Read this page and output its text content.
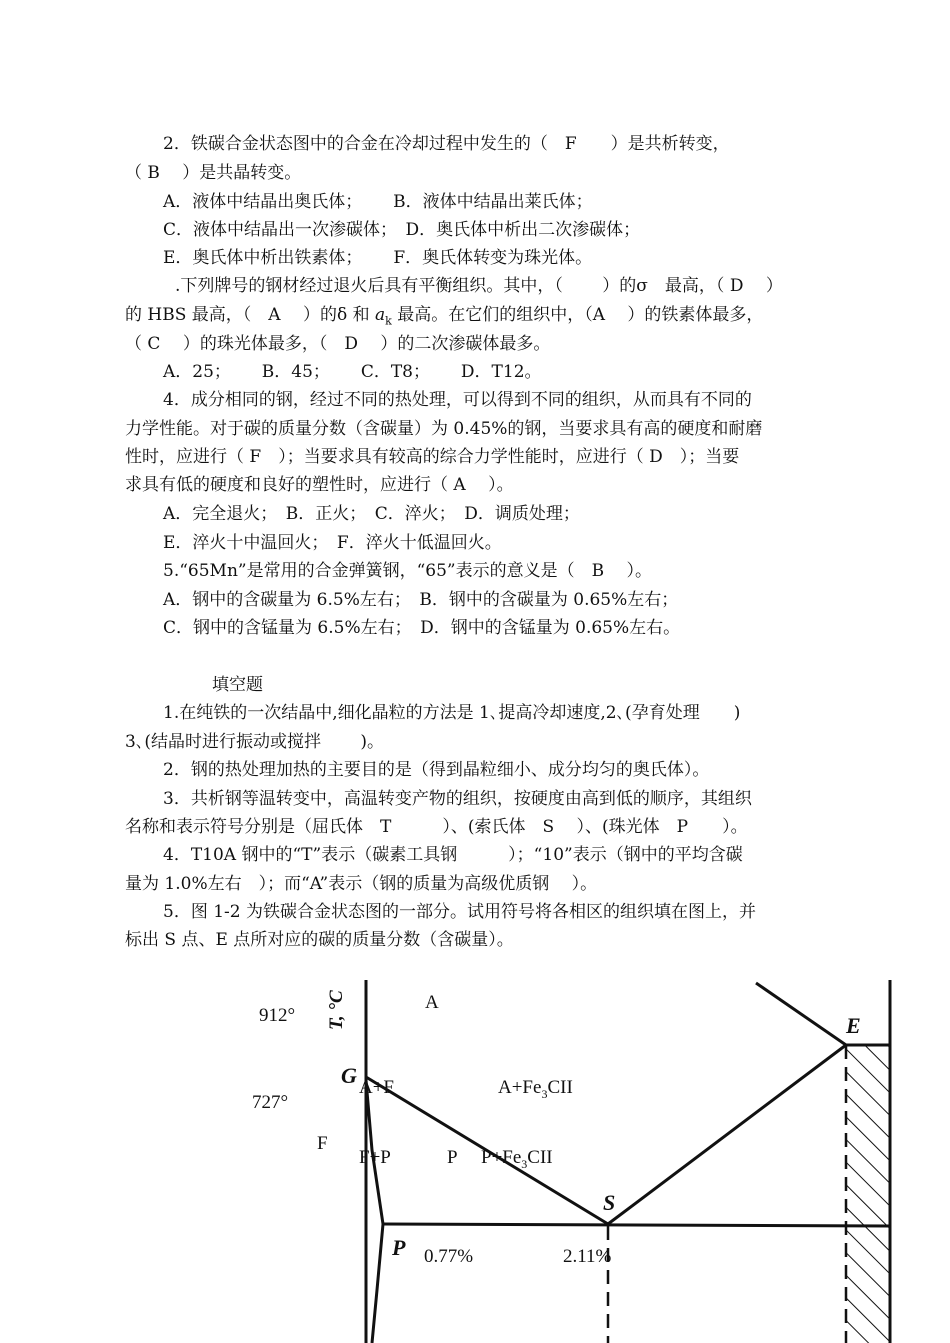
2．铁碳合金状态图中的合金在冷却过程中发生的（　F　　）是共析转变，
（ B　 ）是共晶转变。
A．液体中结晶出奥氏体；　　 B．液体中结晶出莱氏体；
C．液体中结晶出一次渗碳体；　D．奥氏体中析出二次渗碳体；
E．奥氏体中析出铁素体；　　 F．奥氏体转变为珠光体。
.下列牌号的钢材经过退火后具有平衡组织。其中，（　　 ）的σ　最高，（ D　 ）
的 HBS 最高，（　A　 ）的δ 和 $a_k$ 最高。在它们的组织中，（A　 ）的铁素体最多，
（ C　 ）的珠光体最多，（　D　 ）的二次渗碳体最多。
A．25；　　 B．45；　　 C．T8；　　 D．T12。
4．成分相同的钢，经过不同的热处理，可以得到不同的组织，从而具有不同的
力学性能。对于碳的质量分数（含碳量）为 0.45%的钢，当要求具有高的硬度和耐磨
性时，应进行（ F　）；当要求具有较高的综合力学性能时，应进行（ D　）；当要
求具有低的硬度和良好的塑性时，应进行（ A　 ）。
A．完全退火；　B．正火；　C．淬火；　D．调质处理；
E．淬火十中温回火；　F．淬火十低温回火。
5.“65Mn”是常用的合金弹簧钢，“65”表示的意义是（　B　 ）。
A．钢中的含碳量为 6.5%左右；　B．钢中的含碳量为 0.65%左右；
C．钢中的含锰量为 6.5%左右；　D．钢中的含锰量为 0.65%左右。
填空题
1.在纯铁的一次结晶中,细化晶粒的方法是 1､提高冷却速度,2､(孕育处理　　)
3､(结晶时进行振动或搅拌　　 )｡
2．钢的热处理加热的主要目的是（得到晶粒细小、成分均匀的奥氏体）。
3．共析钢等温转变中，高温转变产物的组织，按硬度由高到低的顺序，其组织
名称和表示符号分别是（屈氏体　T　　　）、(索氏体　S　 ）、(珠光体　P　　）。
4．T10A 钢中的“T”表示（碳素工具钢　　　）；“10”表示（钢中的平均含碳
量为 1.0%左右　）；而“A”表示（钢的质量为高级优质钢　 ）。
5．图 1-2 为铁碳合金状态图的一部分。试用符号将各相区的组织填在图上，并
标出 S 点、E 点所对应的碳的质量分数（含碳量）。
T, °C
912°
727°
G
E
S
P
A
A+F	$A+Fe_3CII$
F
F+P	P $P+Fe_3CII$
0.77%	2.11%
